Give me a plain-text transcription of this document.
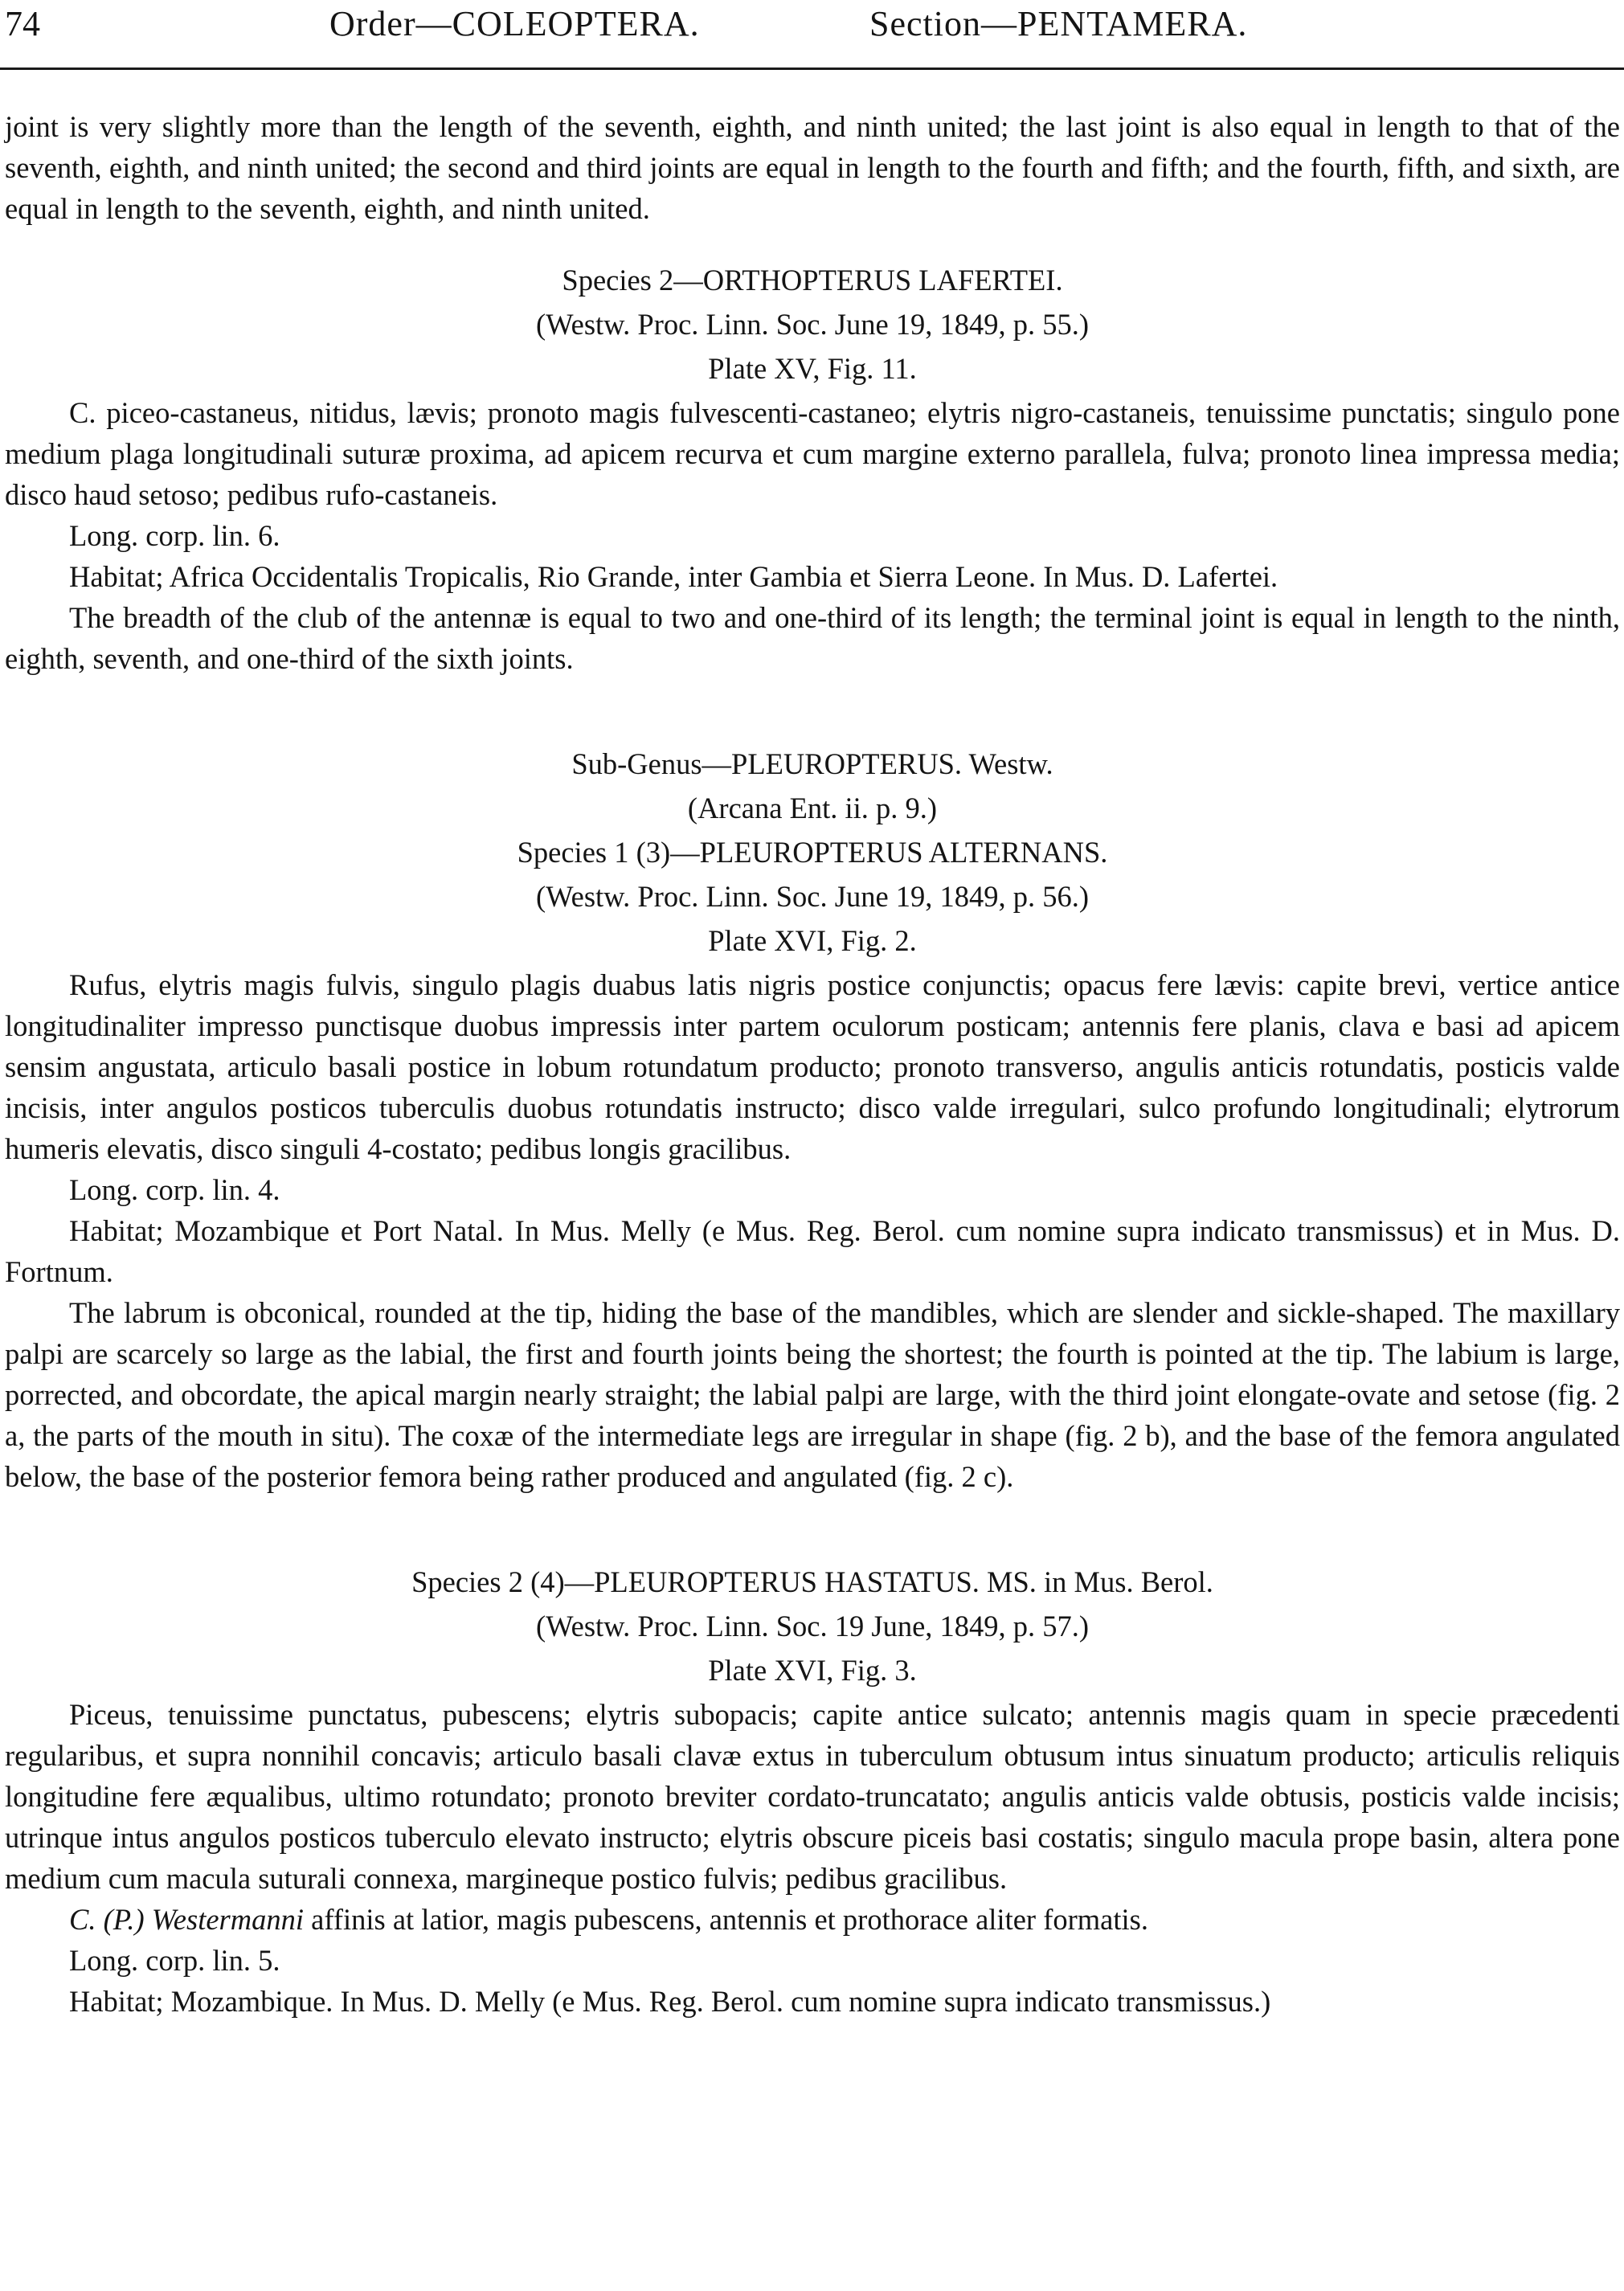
74	Order—COLEOPTERA.	Section—PENTAMERA.

joint is very slightly more than the length of the seventh, eighth, and ninth united; the last joint is also equal in length to that of the seventh, eighth, and ninth united; the second and third joints are equal in length to the fourth and fifth; and the fourth, fifth, and sixth, are equal in length to the seventh, eighth, and ninth united.

Species 2—ORTHOPTERUS LAFERTEI.

(Westw. Proc. Linn. Soc. June 19, 1849, p. 55.)

Plate XV, Fig. 11.

C. piceo-castaneus, nitidus, lævis; pronoto magis fulvescenti-castaneo; elytris nigro-castaneis, tenuissime punctatis; singulo pone medium plaga longitudinali suturæ proxima, ad apicem recurva et cum margine externo parallela, fulva; pronoto linea impressa media; disco haud setoso; pedibus rufo-castaneis.

Long. corp. lin. 6.

Habitat; Africa Occidentalis Tropicalis, Rio Grande, inter Gambia et Sierra Leone. In Mus. D. Lafertei.

The breadth of the club of the antennæ is equal to two and one-third of its length; the terminal joint is equal in length to the ninth, eighth, seventh, and one-third of the sixth joints.

Sub-Genus—PLEUROPTERUS. Westw.

(Arcana Ent. ii. p. 9.)

Species 1 (3)—PLEUROPTERUS ALTERNANS.

(Westw. Proc. Linn. Soc. June 19, 1849, p. 56.)

Plate XVI, Fig. 2.

Rufus, elytris magis fulvis, singulo plagis duabus latis nigris postice conjunctis; opacus fere lævis: capite brevi, vertice antice longitudinaliter impresso punctisque duobus impressis inter partem oculorum posticam; antennis fere planis, clava e basi ad apicem sensim angustata, articulo basali postice in lobum rotundatum producto; pronoto transverso, angulis anticis rotundatis, posticis valde incisis, inter angulos posticos tuberculis duobus rotundatis instructo; disco valde irregulari, sulco profundo longitudinali; elytrorum humeris elevatis, disco singuli 4-costato; pedibus longis gracilibus.

Long. corp. lin. 4.

Habitat; Mozambique et Port Natal. In Mus. Melly (e Mus. Reg. Berol. cum nomine supra indicato transmissus) et in Mus. D. Fortnum.

The labrum is obconical, rounded at the tip, hiding the base of the mandibles, which are slender and sickle-shaped. The maxillary palpi are scarcely so large as the labial, the first and fourth joints being the shortest; the fourth is pointed at the tip. The labium is large, porrected, and obcordate, the apical margin nearly straight; the labial palpi are large, with the third joint elongate-ovate and setose (fig. 2 a, the parts of the mouth in situ). The coxæ of the intermediate legs are irregular in shape (fig. 2 b), and the base of the femora angulated below, the base of the posterior femora being rather produced and angulated (fig. 2 c).

Species 2 (4)—PLEUROPTERUS HASTATUS. MS. in Mus. Berol.

(Westw. Proc. Linn. Soc. 19 June, 1849, p. 57.)

Plate XVI, Fig. 3.

Piceus, tenuissime punctatus, pubescens; elytris subopacis; capite antice sulcato; antennis magis quam in specie præcedenti regularibus, et supra nonnihil concavis; articulo basali clavæ extus in tuberculum obtusum intus sinuatum producto; articulis reliquis longitudine fere æqualibus, ultimo rotundato; pronoto breviter cordato-truncatato; angulis anticis valde obtusis, posticis valde incisis; utrinque intus angulos posticos tuberculo elevato instructo; elytris obscure piceis basi costatis; singulo macula prope basin, altera pone medium cum macula suturali connexa, margineque postico fulvis; pedibus gracilibus.

C. (P.) Westermanni affinis at latior, magis pubescens, antennis et prothorace aliter formatis.

Long. corp. lin. 5.

Habitat; Mozambique. In Mus. D. Melly (e Mus. Reg. Berol. cum nomine supra indicato transmissus.)
